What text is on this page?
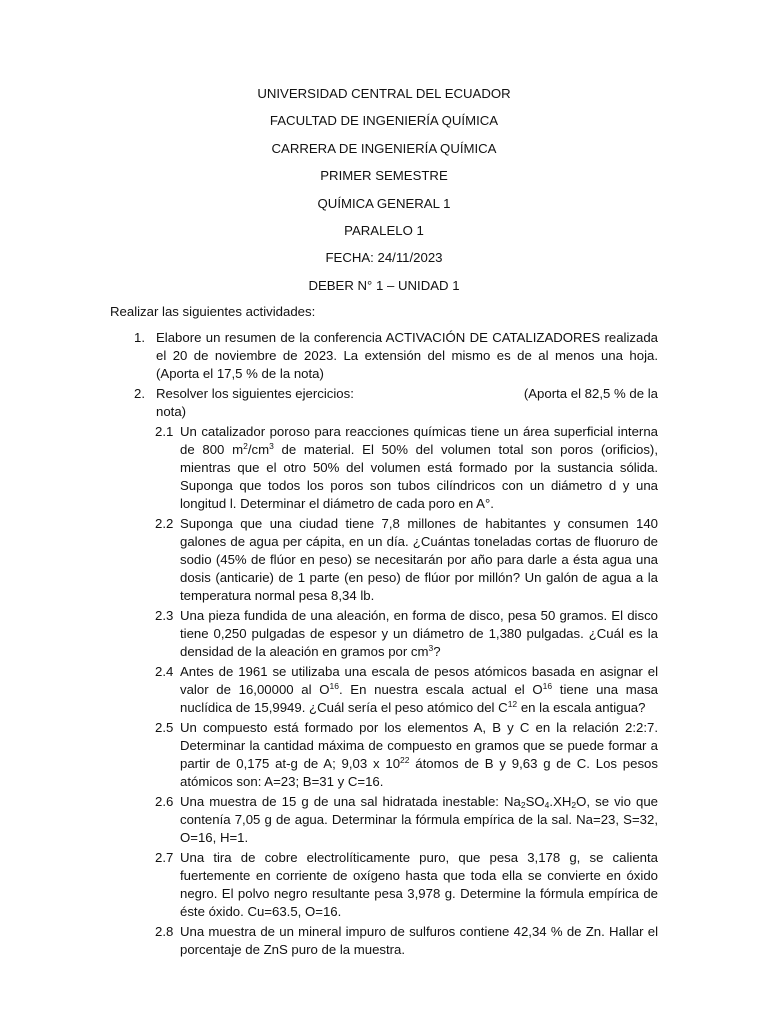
UNIVERSIDAD CENTRAL DEL ECUADOR
FACULTAD DE INGENIERÍA QUÍMICA
CARRERA DE INGENIERÍA QUÍMICA
PRIMER SEMESTRE
QUÍMICA GENERAL 1
PARALELO 1
FECHA: 24/11/2023
DEBER N° 1 – UNIDAD 1
Realizar las siguientes actividades:
1. Elabore un resumen de la conferencia ACTIVACIÓN DE CATALIZADORES realizada el 20 de noviembre de 2023. La extensión del mismo es de al menos una hoja. (Aporta el 17,5 % de la nota)
2. Resolver los siguientes ejercicios:	(Aporta el 82,5 % de la
nota)
2.1 Un catalizador poroso para reacciones químicas tiene un área superficial interna de 800 $m^2/cm^3$ de material. El 50% del volumen total son poros (orificios), mientras que el otro 50% del volumen está formado por la sustancia sólida. Suponga que todos los poros son tubos cilíndricos con un diámetro d y una longitud l. Determinar el diámetro de cada poro en A°.
2.2 Suponga que una ciudad tiene 7,8 millones de habitantes y consumen 140 galones de agua per cápita, en un día. ¿Cuántas toneladas cortas de fluoruro de sodio (45% de flúor en peso) se necesitarán por año para darle a ésta agua una dosis (anticarie) de 1 parte (en peso) de flúor por millón? Un galón de agua a la temperatura normal pesa 8,34 lb.
2.3 Una pieza fundida de una aleación, en forma de disco, pesa 50 gramos. El disco tiene 0,250 pulgadas de espesor y un diámetro de 1,380 pulgadas. ¿Cuál es la densidad de la aleación en gramos por $cm^3$?
2.4 Antes de 1961 se utilizaba una escala de pesos atómicos basada en asignar el valor de 16,00000 al $O^{16}$. En nuestra escala actual el $O^{16}$ tiene una masa nuclídica de 15,9949. ¿Cuál sería el peso atómico del $C^{12}$ en la escala antigua?
2.5 Un compuesto está formado por los elementos A, B y C en la relación 2:2:7. Determinar la cantidad máxima de compuesto en gramos que se puede formar a partir de 0,175 at-g de A; 9,03 x $10^{22}$ átomos de B y 9,63 g de C. Los pesos atómicos son: A=23; B=31 y C=16.
2.6 Una muestra de 15 g de una sal hidratada inestable: $Na_2SO_4.XH_2O$, se vio que contenía 7,05 g de agua. Determinar la fórmula empírica de la sal. Na=23, S=32, O=16, H=1.
2.7 Una tira de cobre electrolíticamente puro, que pesa 3,178 g, se calienta fuertemente en corriente de oxígeno hasta que toda ella se convierte en óxido negro. El polvo negro resultante pesa 3,978 g. Determine la fórmula empírica de éste óxido. Cu=63.5, O=16.
2.8 Una muestra de un mineral impuro de sulfuros contiene 42,34 % de Zn. Hallar el porcentaje de ZnS puro de la muestra.
